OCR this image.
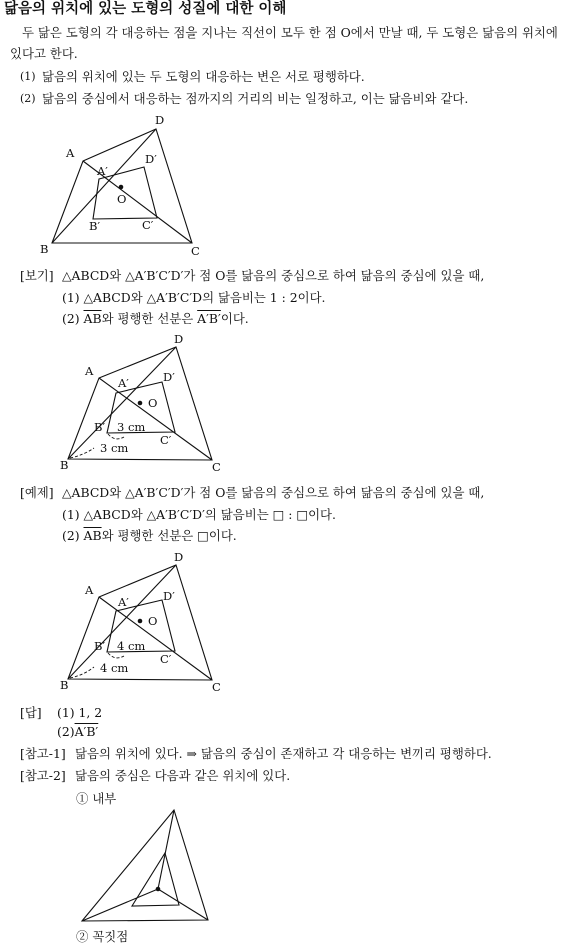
닮음의 위치에 있는 도형의 성질에 대한 이해
두 닮은 도형의 각 대응하는 점을 지나는 직선이 모두 한 점 O에서 만날 때, 두 도형은 닮음의 위치에
있다고 한다.
(1) 닮음의 위치에 있는 두 도형의 대응하는 변은 서로 평행하다.
(2) 닮음의 중심에서 대응하는 점까지의 거리의 비는 일정하고, 이는 닮음비와 같다.
A
B	C
D
O
A′
B′	C′
D′
[보기] △ABCD와 △A′B′C′D′가 점 O를 닮음의 중심으로 하여 닮음의 중심에 있을 때,
(1) △ABCD와 △A′B′C′D의 닮음비는 1 : 2이다.
(2) $\overline{AB}$와 평행한 선분은 A′B′이다.
A
B	C
D
O
A′
B′
C′
D′
3 cm
3 cm
[예제] △ABCD와 △A′B′C′D′가 점 O를 닮음의 중심으로 하여 닮음의 중심에 있을 때,
(1) △ABCD와 △A′B′C′D′의 닮음비는 □ : □이다.
(2) $\overline{AB}$와 평행한 선분은 □이다.
A
B	C
D
O
A′
B′
C′
D′
4 cm
4 cm
[답] (1) 1, 2
(2)A′B′
[참고-1] 닮음의 위치에 있다. ⇒ 닮음의 중심이 존재하고 각 대응하는 변끼리 평행하다.
[참고-2] 닮음의 중심은 다음과 같은 위치에 있다.
① 내부
② 꼭짓점
